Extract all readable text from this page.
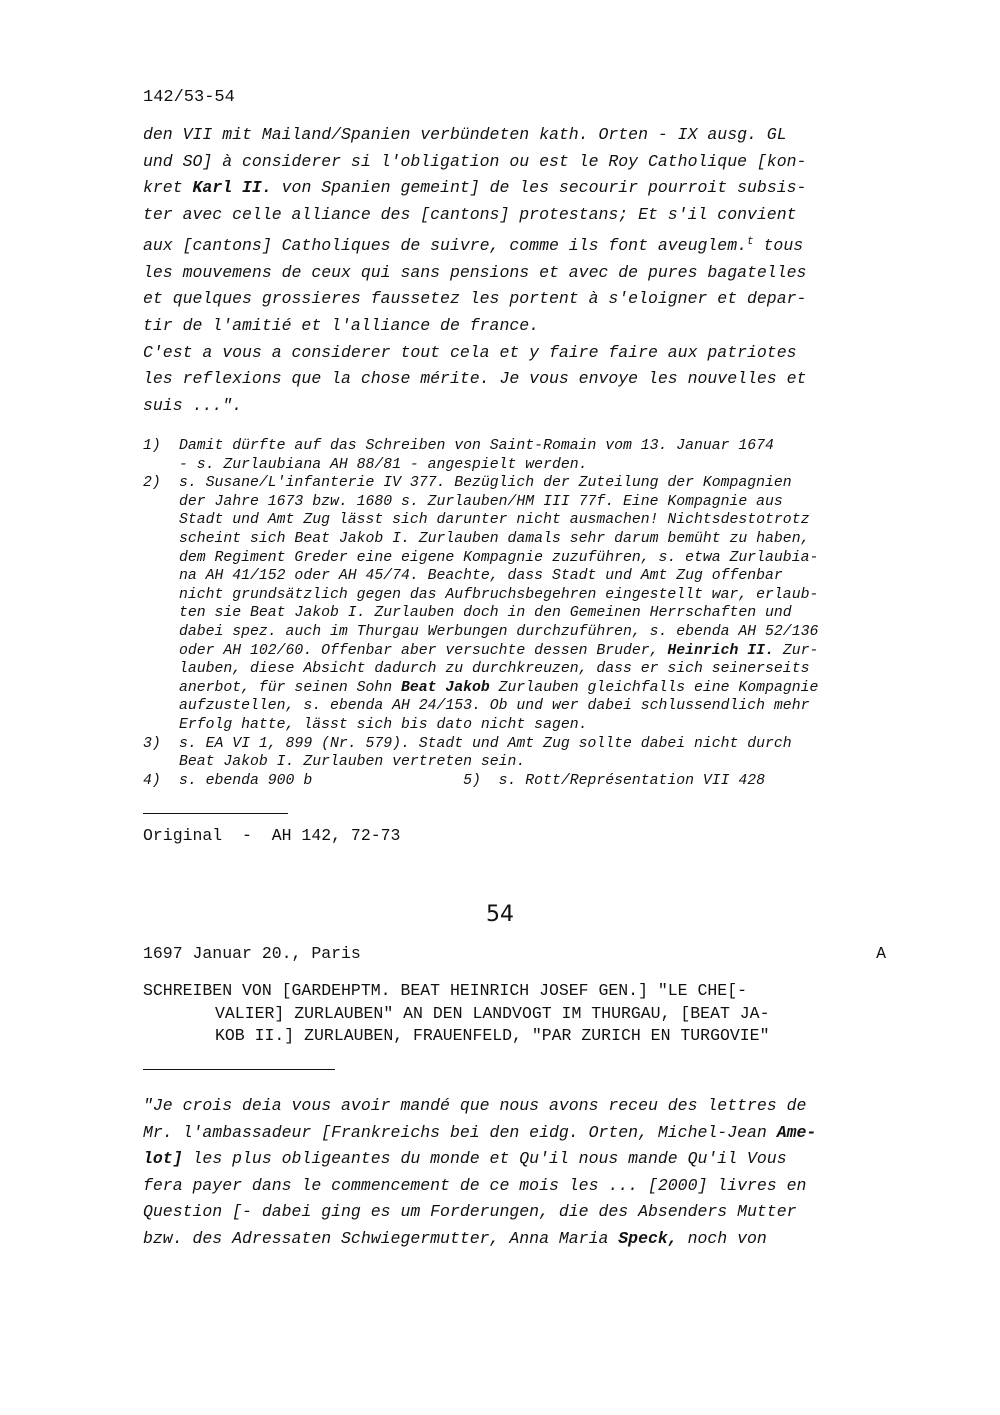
142/53-54
den VII mit Mailand/Spanien verbündeten kath. Orten - IX ausg. GL
und SO] à considerer si l'obligation ou est le Roy Catholique [kon-
kret Karl II. von Spanien gemeint] de les secourir pourroit subsis-
ter avec celle alliance des [cantons] protestans; Et s'il convient
aux [cantons] Catholiques de suivre, comme ils font aveuglem.$^t$ tous
les mouvemens de ceux qui sans pensions et avec de pures bagatelles
et quelques grossieres faussetez les portent à s'eloigner et depar-
tir de l'amitié et l'alliance de france.
C'est a vous a considerer tout cela et y faire faire aux patriotes
les reflexions que la chose mérite. Je vous envoye les nouvelles et
suis ...".
1)	Damit dürfte auf das Schreiben von Saint-Romain vom 13. Januar 1674
- s. Zurlaubiana AH 88/81 - angespielt werden.
2)	s. Susane/L'infanterie IV 377. Bezüglich der Zuteilung der Kompagnien
der Jahre 1673 bzw. 1680 s. Zurlauben/HM III 77f. Eine Kompagnie aus
Stadt und Amt Zug lässt sich darunter nicht ausmachen! Nichtsdestotrotz
scheint sich Beat Jakob I. Zurlauben damals sehr darum bemüht zu haben,
dem Regiment Greder eine eigene Kompagnie zuzuführen, s. etwa Zurlaubia-
na AH 41/152 oder AH 45/74. Beachte, dass Stadt und Amt Zug offenbar
nicht grundsätzlich gegen das Aufbruchsbegehren eingestellt war, erlaub-
ten sie Beat Jakob I. Zurlauben doch in den Gemeinen Herrschaften und
dabei spez. auch im Thurgau Werbungen durchzuführen, s. ebenda AH 52/136
oder AH 102/60. Offenbar aber versuchte dessen Bruder, Heinrich II. Zur-
lauben, diese Absicht dadurch zu durchkreuzen, dass er sich seinerseits
anerbot, für seinen Sohn Beat Jakob Zurlauben gleichfalls eine Kompagnie
aufzustellen, s. ebenda AH 24/153. Ob und wer dabei schlussendlich mehr
Erfolg hatte, lässt sich bis dato nicht sagen.
3)	s. EA VI 1, 899 (Nr. 579). Stadt und Amt Zug sollte dabei nicht durch
Beat Jakob I. Zurlauben vertreten sein.
4)	s. ebenda 900 b                 5)  s. Rott/Représentation VII 428
Original  -  AH 142, 72-73
54
1697 Januar 20., Paris	A
SCHREIBEN VON [GARDEHPTM. BEAT HEINRICH JOSEF GEN.] "LE CHE[-
VALIER] ZURLAUBEN" AN DEN LANDVOGT IM THURGAU, [BEAT JA-
KOB II.] ZURLAUBEN, FRAUENFELD, "PAR ZURICH EN TURGOVIE"
"Je crois deia vous avoir mandé que nous avons receu des lettres de
Mr. l'ambassadeur [Frankreichs bei den eidg. Orten, Michel-Jean Ame-
lot] les plus obligeantes du monde et Qu'il nous mande Qu'il Vous
fera payer dans le commencement de ce mois les ... [2000] livres en
Question [- dabei ging es um Forderungen, die des Absenders Mutter
bzw. des Adressaten Schwiegermutter, Anna Maria Speck, noch von
